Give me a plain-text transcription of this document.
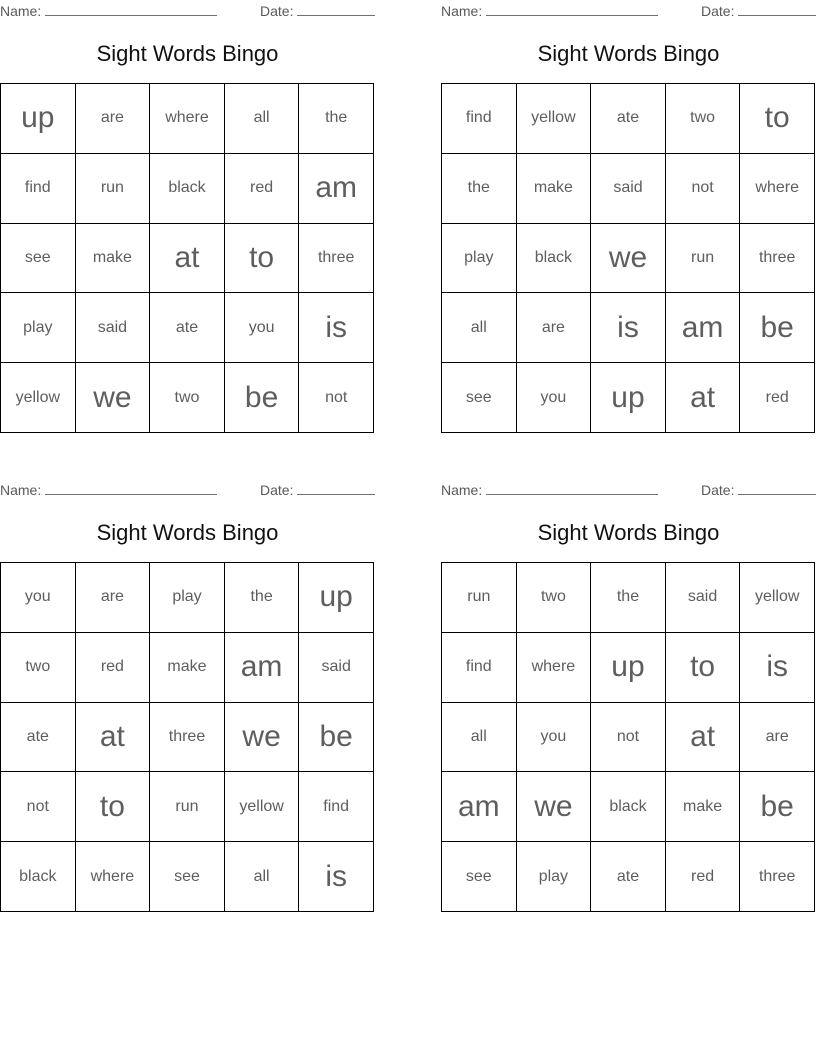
Name:	Date:
Sight Words Bingo
up	are	where	all	the
find	run	black	red	am
see	make	at	to	three
play	said	ate	you	is
yellow	we	two	be	not
Name:	Date:
Sight Words Bingo
find	yellow	ate	two	to
the	make	said	not	where
play	black	we	run	three
all	are	is	am	be
see	you	up	at	red
Name:	Date:
Sight Words Bingo
you	are	play	the	up
two	red	make	am	said
ate	at	three	we	be
not	to	run	yellow	find
black	where	see	all	is
Name:	Date:
Sight Words Bingo
run	two	the	said	yellow
find	where	up	to	is
all	you	not	at	are
am	we	black	make	be
see	play	ate	red	three
